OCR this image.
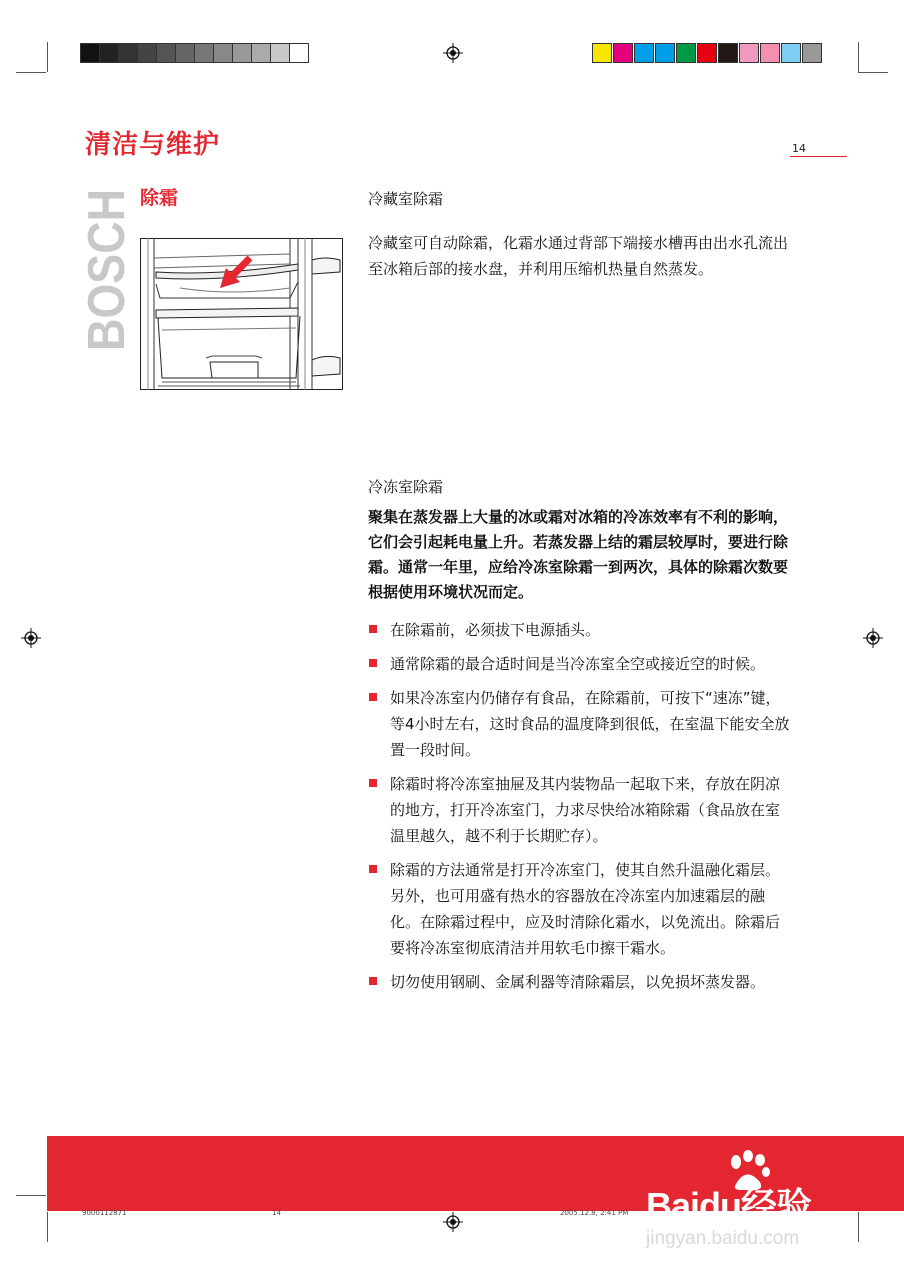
清洁与维护	14
BOSCH 除霜	冷藏室除霜
冷藏室可自动除霜，化霜水通过背部下端接水槽再由出水孔流出至冰箱后部的接水盘，并利用压缩机热量自然蒸发。
冷冻室除霜
聚集在蒸发器上大量的冰或霜对冰箱的冷冻效率有不利的影响，它们会引起耗电量上升。若蒸发器上结的霜层较厚时，要进行除霜。通常一年里，应给冷冻室除霜一到两次，具体的除霜次数要根据使用环境状况而定。
在除霜前，必须拔下电源插头。
通常除霜的最合适时间是当冷冻室全空或接近空的时候。
如果冷冻室内仍储存有食品，在除霜前，可按下“速冻”键，等4小时左右，这时食品的温度降到很低，在室温下能安全放置一段时间。
除霜时将冷冻室抽屉及其内装物品一起取下来，存放在阴凉的地方，打开冷冻室门，力求尽快给冰箱除霜（食品放在室温里越久，越不利于长期贮存）。
除霜的方法通常是打开冷冻室门，使其自然升温融化霜层。另外，也可用盛有热水的容器放在冷冻室内加速霜层的融化。在除霜过程中，应及时清除化霜水，以免流出。除霜后要将冷冻室彻底清洁并用软毛巾擦干霜水。
切勿使用钢刷、金属利器等清除霜层，以免损坏蒸发器。
9000112871	14	2005.12.8, 2:41 PM Baidu经验
jingyan.baidu.com
